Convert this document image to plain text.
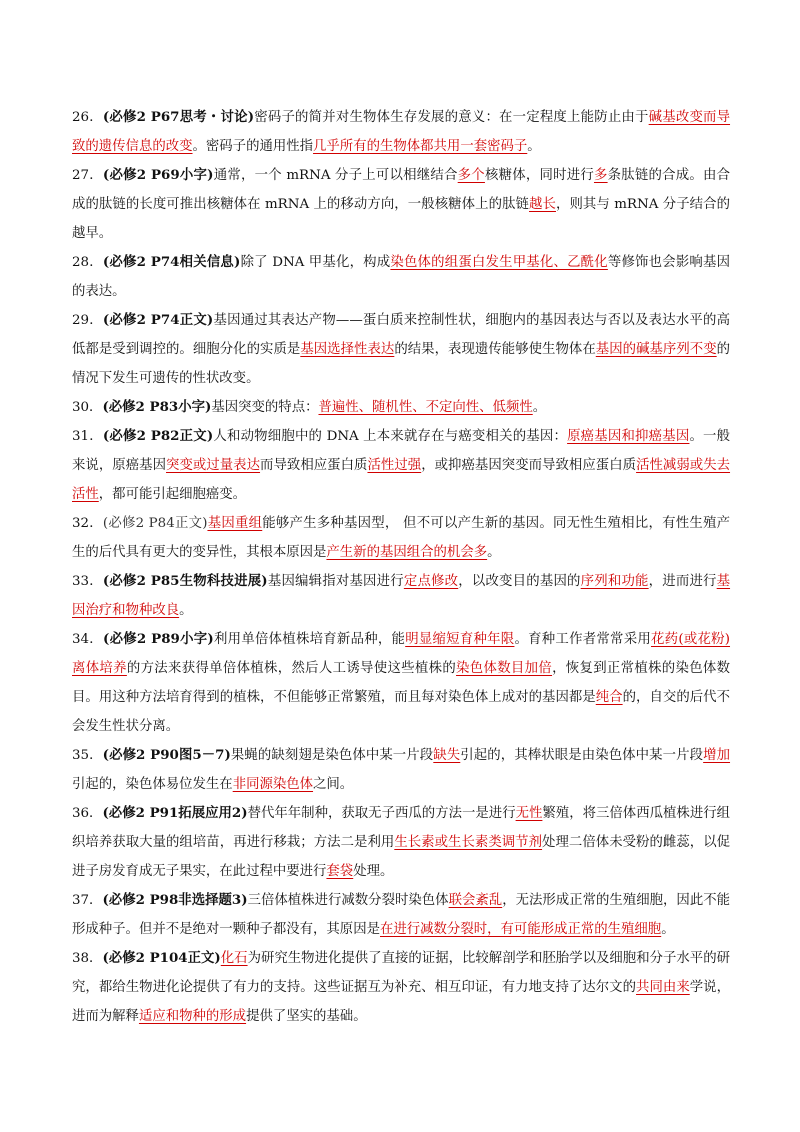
26．(必修2 P67思考・讨论)密码子的简并对生物体生存发展的意义：在一定程度上能防止由于碱基改变而导致的遗传信息的改变。密码子的通用性指几乎所有的生物体都共用一套密码子。

27．(必修2 P69小字)通常，一个 mRNA 分子上可以相继结合多个核糖体，同时进行多条肽链的合成。由合成的肽链的长度可推出核糖体在 mRNA 上的移动方向，一般核糖体上的肽链越长，则其与 mRNA 分子结合的越早。

28．(必修2 P74相关信息)除了 DNA 甲基化，构成染色体的组蛋白发生甲基化、乙酰化等修饰也会影响基因的表达。

29．(必修2 P74正文)基因通过其表达产物——蛋白质来控制性状，细胞内的基因表达与否以及表达水平的高低都是受到调控的。细胞分化的实质是基因选择性表达的结果，表现遗传能够使生物体在基因的碱基序列不变的情况下发生可遗传的性状改变。

30．(必修2 P83小字)基因突变的特点：普遍性、随机性、不定向性、低频性。

31．(必修2 P82正文)人和动物细胞中的 DNA 上本来就存在与癌变相关的基因：原癌基因和抑癌基因。一般来说，原癌基因突变或过量表达而导致相应蛋白质活性过强，或抑癌基因突变而导致相应蛋白质活性减弱或失去活性，都可能引起细胞癌变。

32．(必修2 P84正文)基因重组能够产生多种基因型， 但不可以产生新的基因。同无性生殖相比，有性生殖产生的后代具有更大的变异性，其根本原因是产生新的基因组合的机会多。

33．(必修2 P85生物科技进展)基因编辑指对基因进行定点修改，以改变目的基因的序列和功能，进而进行基因治疗和物种改良。

34．(必修2 P89小字)利用单倍体植株培育新品种，能明显缩短育种年限。育种工作者常常采用花药(或花粉)离体培养的方法来获得单倍体植株，然后人工诱导使这些植株的染色体数目加倍，恢复到正常植株的染色体数目。用这种方法培育得到的植株，不但能够正常繁殖，而且每对染色体上成对的基因都是纯合的，自交的后代不会发生性状分离。

35．(必修2 P90图5－7)果蝇的缺刻翅是染色体中某一片段缺失引起的，其棒状眼是由染色体中某一片段增加引起的，染色体易位发生在非同源染色体之间。

36．(必修2 P91拓展应用2)替代年年制种，获取无子西瓜的方法一是进行无性繁殖，将三倍体西瓜植株进行组织培养获取大量的组培苗，再进行移栽；方法二是利用生长素或生长素类调节剂处理二倍体未受粉的雌蕊，以促进子房发育成无子果实，在此过程中要进行套袋处理。

37．(必修2 P98非选择题3)三倍体植株进行减数分裂时染色体联会紊乱，无法形成正常的生殖细胞，因此不能形成种子。但并不是绝对一颗种子都没有，其原因是在进行减数分裂时，有可能形成正常的生殖细胞。

38．(必修2 P104正文)化石为研究生物进化提供了直接的证据，比较解剖学和胚胎学以及细胞和分子水平的研究，都给生物进化论提供了有力的支持。这些证据互为补充、相互印证，有力地支持了达尔文的共同由来学说，进而为解释适应和物种的形成提供了坚实的基础。
